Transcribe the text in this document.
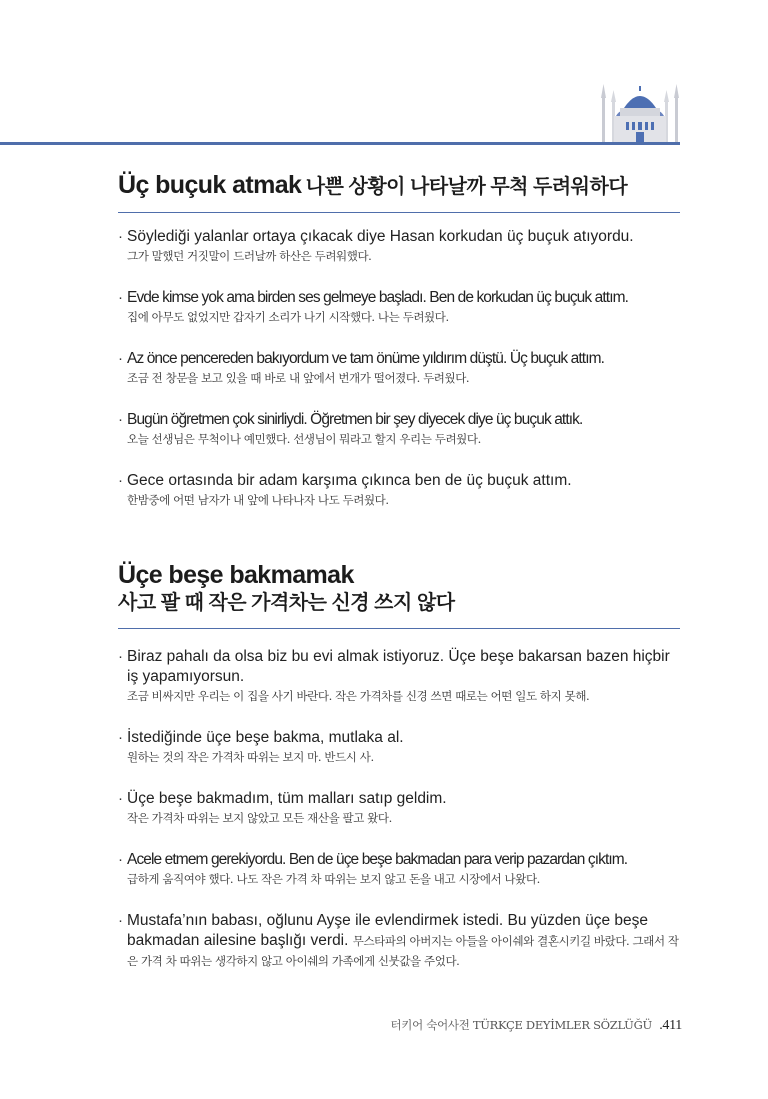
Üç buçuk atmak 나쁜 상황이 나타날까 무척 두려워하다
· Söylediği yalanlar ortaya çıkacak diye Hasan korkudan üç buçuk atıyordu.
그가 말했던 거짓말이 드러날까 하산은 두려워했다.
· Evde kimse yok ama birden ses gelmeye başladı. Ben de korkudan üç buçuk attım.
집에 아무도 없었지만 갑자기 소리가 나기 시작했다. 나는 두려웠다.
· Az önce pencereden bakıyordum ve tam önüme yıldırım düştü. Üç buçuk attım.
조금 전 창문을 보고 있을 때 바로 내 앞에서 번개가 떨어졌다. 두려웠다.
· Bugün öğretmen çok sinirliydi. Öğretmen bir şey diyecek diye üç buçuk attık.
오늘 선생님은 무척이나 예민했다. 선생님이 뭐라고 할지 우리는 두려웠다.
· Gece ortasında bir adam karşıma çıkınca ben de üç buçuk attım.
한밤중에 어떤 남자가 내 앞에 나타나자 나도 두려웠다.
Üçe beşe bakmamak
사고 팔 때 작은 가격차는 신경 쓰지 않다
· Biraz pahalı da olsa biz bu evi almak istiyoruz. Üçe beşe bakarsan bazen hiçbir iş yapamıyorsun.
조금 비싸지만 우리는 이 집을 사기 바란다. 작은 가격차를 신경 쓰면 때로는 어떤 일도 하지 못해.
· İstediğinde üçe beşe bakma, mutlaka al.
원하는 것의 작은 가격차 따위는 보지 마. 반드시 사.
· Üçe beşe bakmadım, tüm malları satıp geldim.
작은 가격차 따위는 보지 않았고 모든 재산을 팔고 왔다.
· Acele etmem gerekiyordu. Ben de üçe beşe bakmadan para verip pazardan çıktım.
급하게 움직여야 했다. 나도 작은 가격 차 따위는 보지 않고 돈을 내고 시장에서 나왔다.
· Mustafa’nın babası, oğlunu Ayşe ile evlendirmek istedi. Bu yüzden üçe beşe bakmadan ailesine başlığı verdi. 무스타파의 아버지는 아들을 아이쉐와 결혼시키길 바랐다. 그래서 작은 가격 차 따위는 생각하지 않고 아이쉐의 가족에게 신붓값을 주었다.
터키어 숙어사전 TÜRKÇE DEYİMLER SÖZLÜĞÜ .411
